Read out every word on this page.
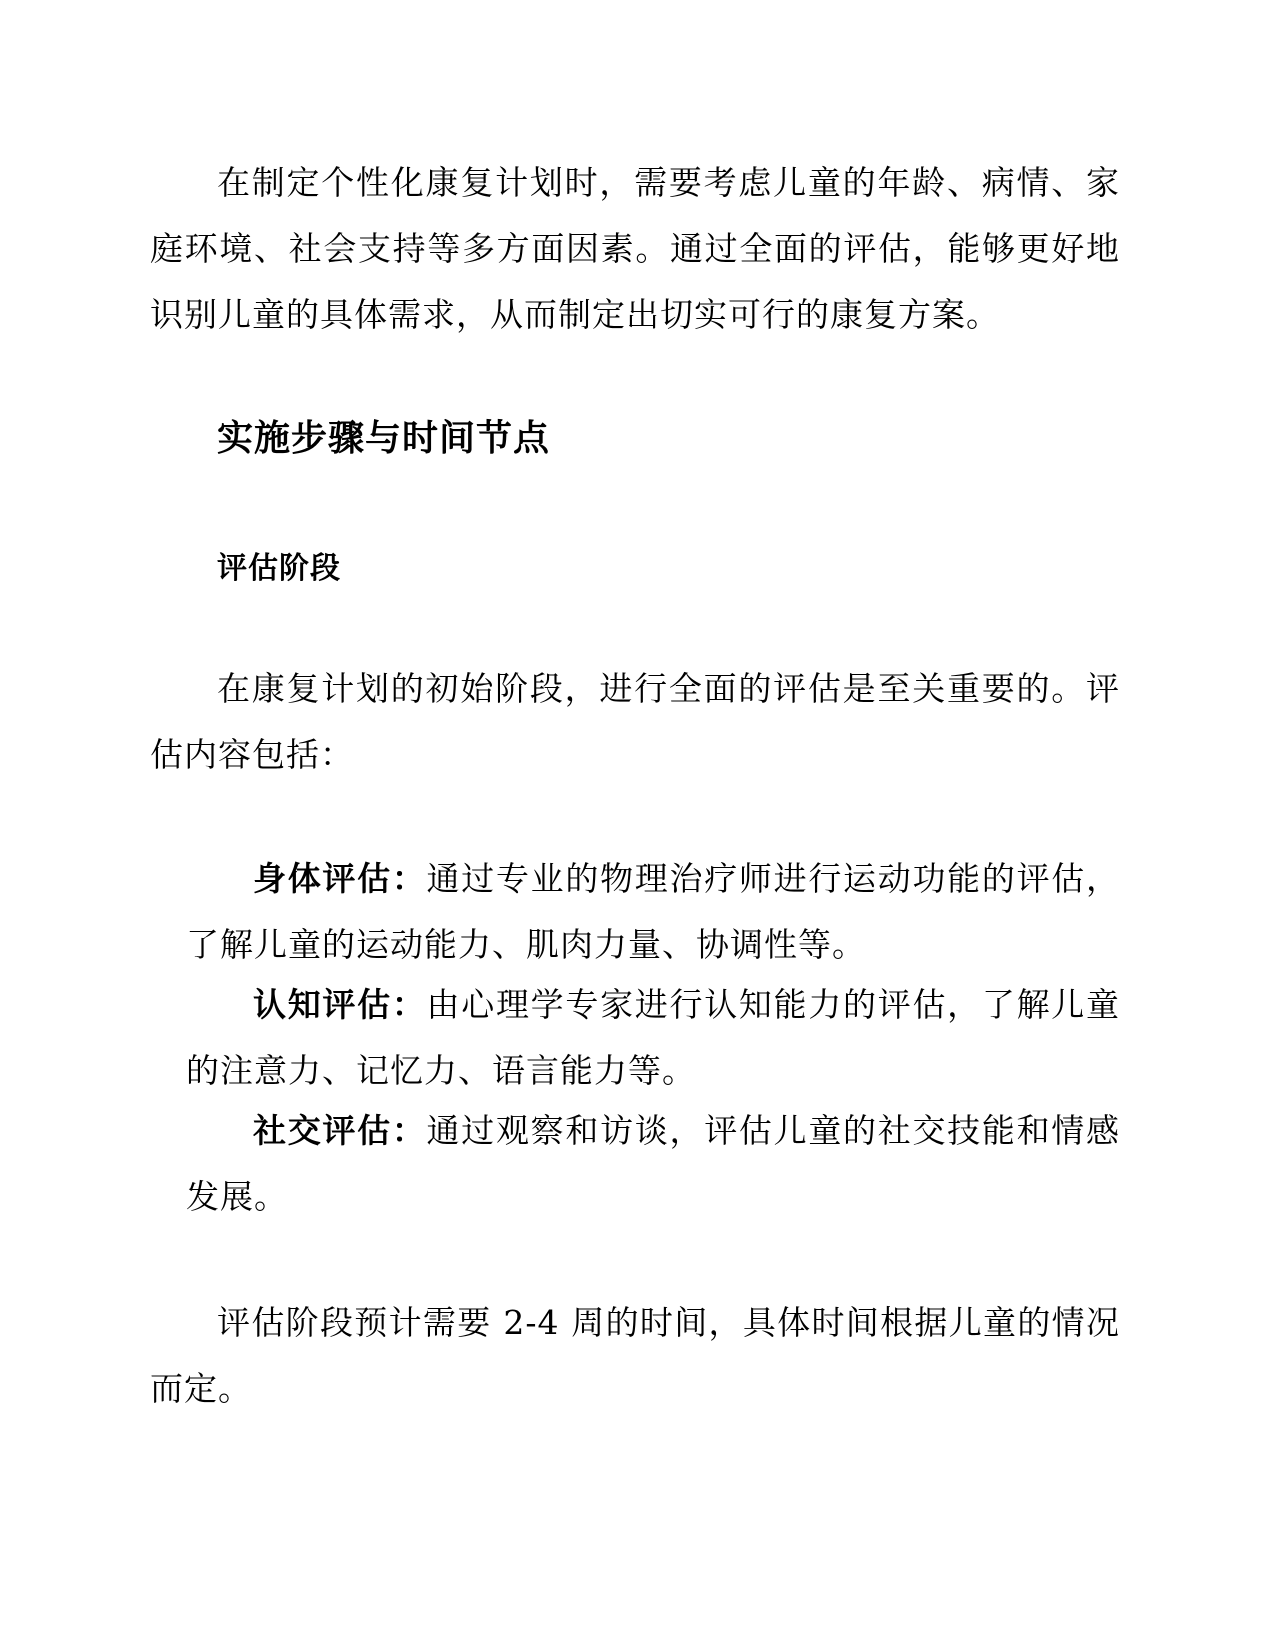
在制定个性化康复计划时，需要考虑儿童的年龄、病情、家庭环境、社会支持等多方面因素。通过全面的评估，能够更好地识别儿童的具体需求，从而制定出切实可行的康复方案。

实施步骤与时间节点
评估阶段

在康复计划的初始阶段，进行全面的评估是至关重要的。评估内容包括：

身体评估：通过专业的物理治疗师进行运动功能的评估，了解儿童的运动能力、肌肉力量、协调性等。

认知评估：由心理学专家进行认知能力的评估，了解儿童的注意力、记忆力、语言能力等。

社交评估：通过观察和访谈，评估儿童的社交技能和情感发展。

评估阶段预计需要 2-4 周的时间，具体时间根据儿童的情况而定。
